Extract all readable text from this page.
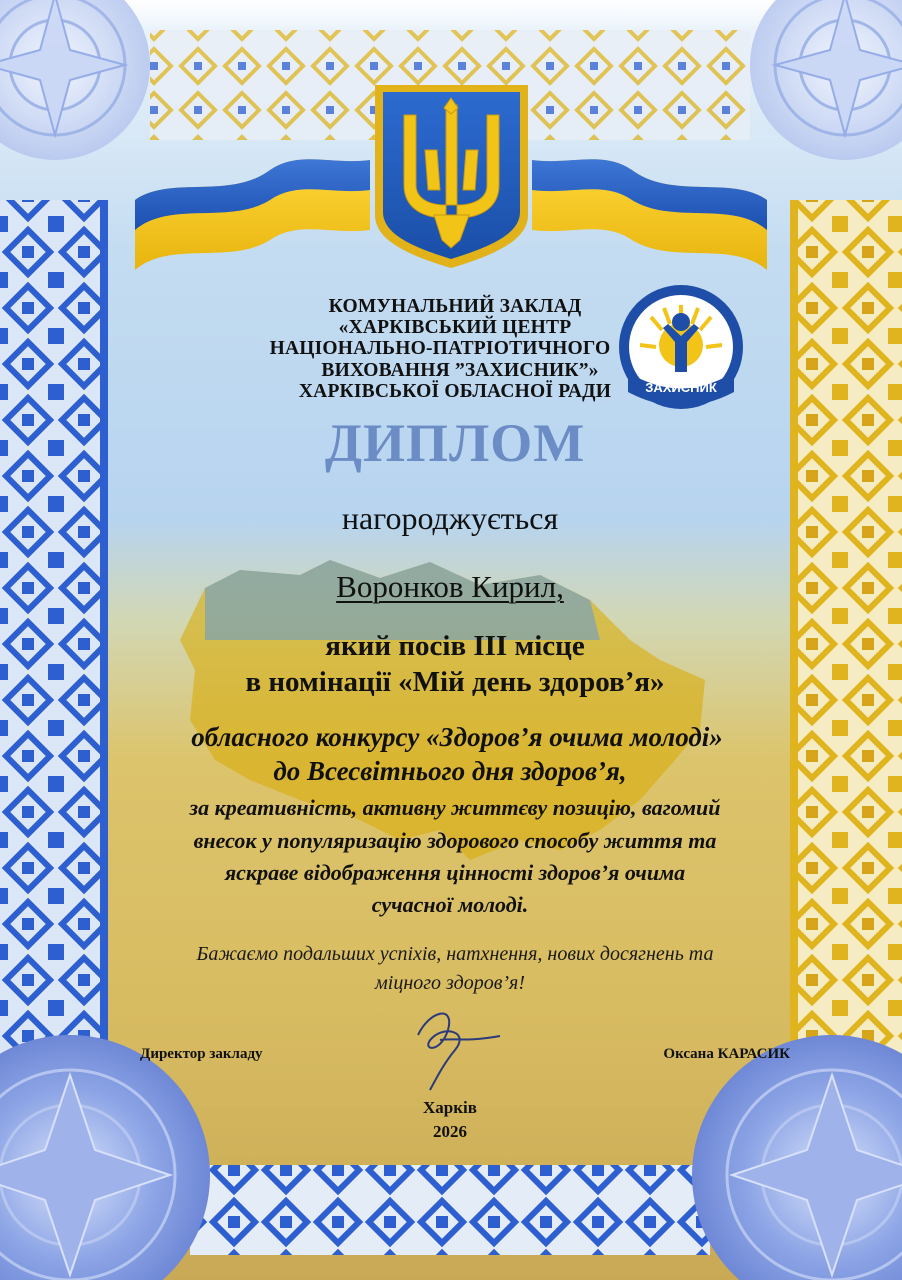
КОМУНАЛЬНИЙ ЗАКЛАД
«ХАРКІВСЬКИЙ ЦЕНТР
НАЦІОНАЛЬНО-ПАТРІОТИЧНОГО
ВИХОВАННЯ ”ЗАХИСНИК”»
ХАРКІВСЬКОЇ ОБЛАСНОЇ РАДИ	ЗАХИСНИК
ДИПЛОМ
нагороджується
Воронков Кирил,
який посів ІІІ місце
в номінації «Мій день здоров’я»
обласного конкурсу «Здоров’я очима молоді»
до Всесвітнього дня здоров’я,
за креативність, активну життєву позицію, вагомий
внесок у популяризацію здорового способу життя та
яскраве відображення цінності здоров’я очима
сучасної молоді.
Бажаємо подальших успіхів, натхнення, нових досягнень та
міцного здоров’я!
Директор закладу	Оксана КАРАСИК
Харків
2026
